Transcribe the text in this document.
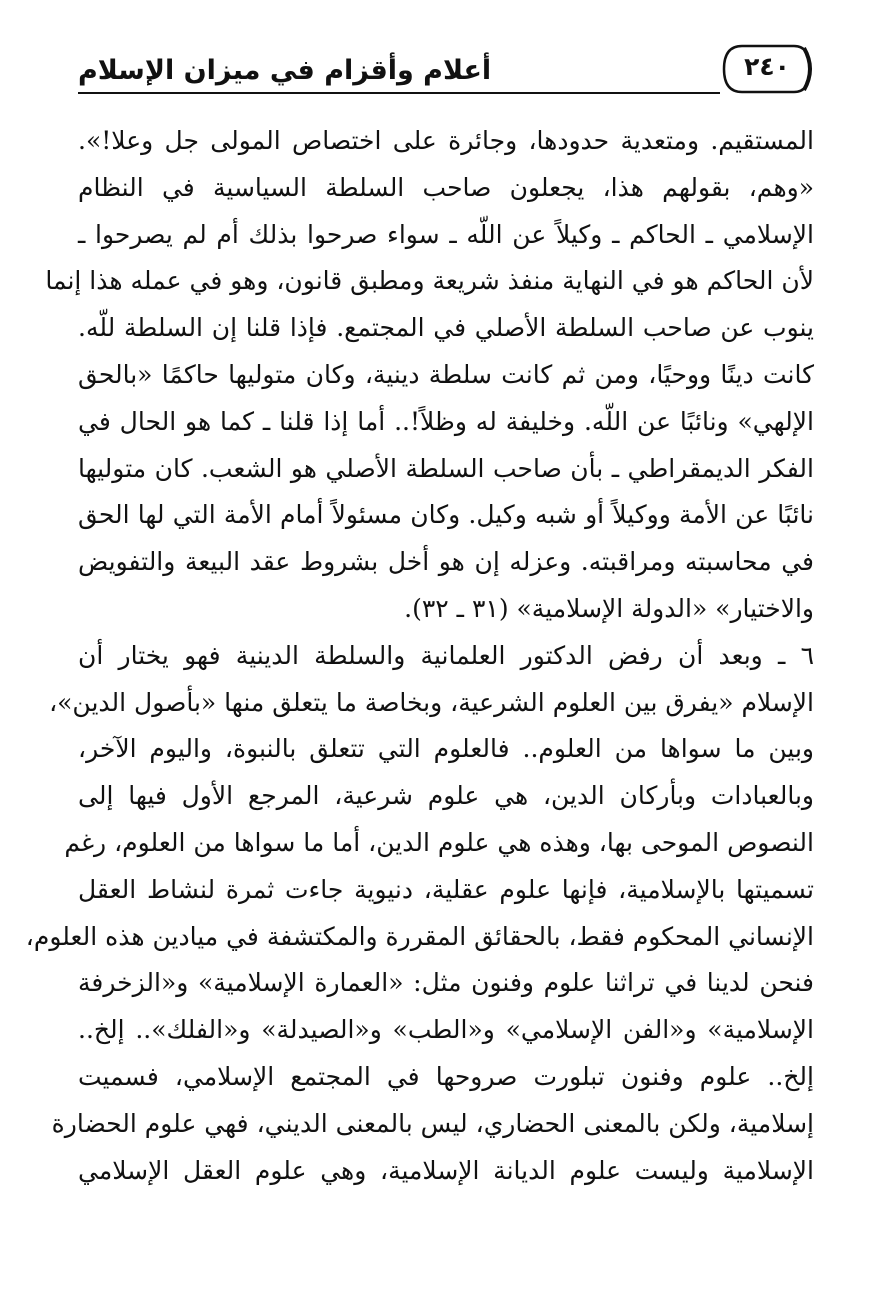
أعلام وأقزام في ميزان الإسلام	٢٤٠
المستقيم. ومتعدية حدودها، وجائرة على اختصاص المولى جل وعلا!».
«وهم، بقولهم هذا، يجعلون صاحب السلطة السياسية في النظام
الإسلامي ـ الحاكم ـ وكيلاً عن اللّه ـ سواء صرحوا بذلك أم لم يصرحوا ـ
لأن الحاكم هو في النهاية منفذ شريعة ومطبق قانون، وهو في عمله هذا إنما
ينوب عن صاحب السلطة الأصلي في المجتمع. فإذا قلنا إن السلطة للّه.
كانت دينًا ووحيًا، ومن ثم كانت سلطة دينية، وكان متوليها حاكمًا «بالحق
الإلهي» ونائبًا عن اللّه. وخليفة له وظلاً!.. أما إذا قلنا ـ كما هو الحال في
الفكر الديمقراطي ـ بأن صاحب السلطة الأصلي هو الشعب. كان متوليها
نائبًا عن الأمة ووكيلاً أو شبه وكيل. وكان مسئولاً أمام الأمة التي لها الحق
في محاسبته ومراقبته. وعزله إن هو أخل بشروط عقد البيعة والتفويض
والاختيار» «الدولة الإسلامية» (٣١ ـ ٣٢).
٦ ـ وبعد أن رفض الدكتور العلمانية والسلطة الدينية فهو يختار أن
الإسلام «يفرق بين العلوم الشرعية، وبخاصة ما يتعلق منها «بأصول الدين»،
وبين ما سواها من العلوم.. فالعلوم التي تتعلق بالنبوة، واليوم الآخر،
وبالعبادات وبأركان الدين، هي علوم شرعية، المرجع الأول فيها إلى
النصوص الموحى بها، وهذه هي علوم الدين، أما ما سواها من العلوم، رغم
تسميتها بالإسلامية، فإنها علوم عقلية، دنيوية جاءت ثمرة لنشاط العقل
الإنساني المحكوم فقط، بالحقائق المقررة والمكتشفة في ميادين هذه العلوم،
فنحن لدينا في تراثنا علوم وفنون مثل: «العمارة الإسلامية» و«الزخرفة
الإسلامية» و«الفن الإسلامي» و«الطب» و«الصيدلة» و«الفلك».. إلخ..
إلخ.. علوم وفنون تبلورت صروحها في المجتمع الإسلامي، فسميت
إسلامية، ولكن بالمعنى الحضاري، ليس بالمعنى الديني، فهي علوم الحضارة
الإسلامية وليست علوم الديانة الإسلامية، وهي علوم العقل الإسلامي
